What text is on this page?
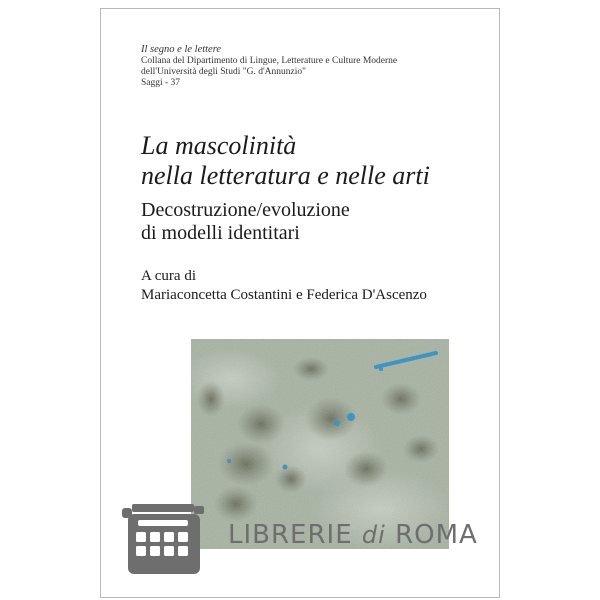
Il segno e le lettere
Collana del Dipartimento di Lingue, Letterature e Culture Moderne
dell'Università degli Studi "G. d'Annunzio"
Saggi - 37
La mascolinità
nella letteratura e nelle arti
Decostruzione/evoluzione
di modelli identitari
A cura di
Mariaconcetta Costantini e Federica D'Ascenzo
LIBRERIE di ROMA
